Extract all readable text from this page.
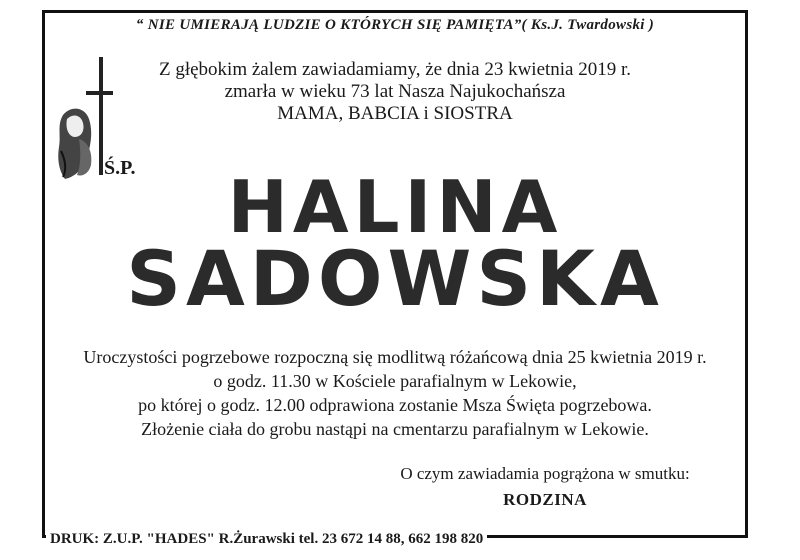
“ NIE UMIERAJĄ LUDZIE O KTÓRYCH SIĘ PAMIĘTA”( Ks.J. Twardowski )
Z głębokim żalem zawiadamiamy, że dnia 23 kwietnia 2019 r.
zmarła w wieku 73 lat Nasza Najukochańsza
MAMA, BABCIA i SIOSTRA
Ś.P.	HALINA
SADOWSKA
Uroczystości pogrzebowe rozpoczną się modlitwą różańcową dnia 25 kwietnia 2019 r.
o godz. 11.30 w Kościele parafialnym w Lekowie,
po której o godz. 12.00 odprawiona zostanie Msza Święta pogrzebowa.
Złożenie ciała do grobu nastąpi na cmentarzu parafialnym w Lekowie.
O czym zawiadamia pogrążona w smutku:
RODZINA
DRUK: Z.U.P. "HADES" R.Żurawski tel. 23 672 14 88, 662 198 820
